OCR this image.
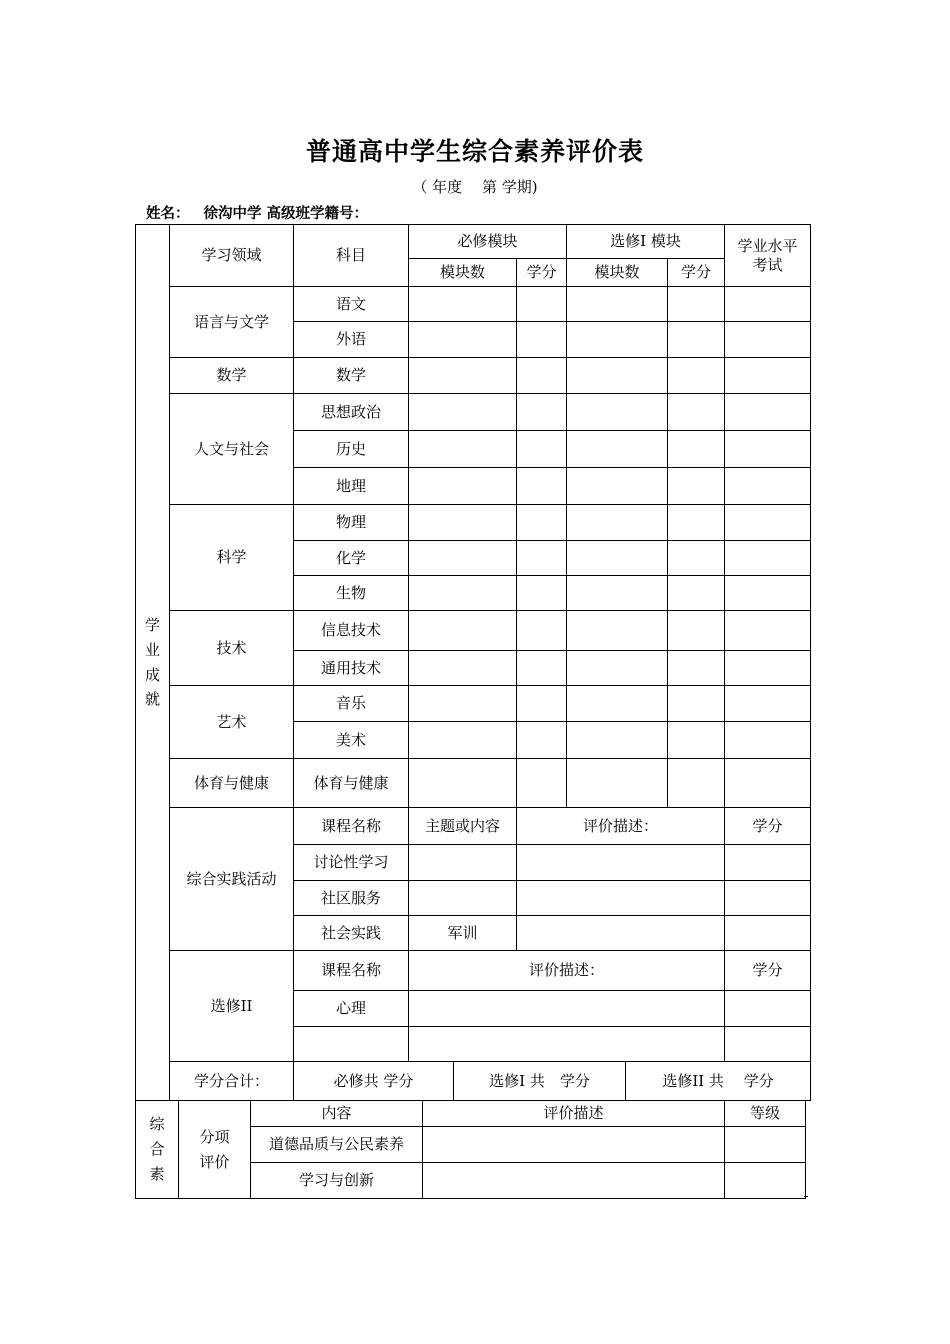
普通高中学生综合素养评价表
（ 年度　 第 学期)
姓名： 徐沟中学 高级班学籍号：
学
业
成
就	学习领域	科目	必修模块		选修I 模块		学业水平考试
			模块数	学分	模块数	学分	
	语言与文学	语文					
		外语					
	数学	数学					
	人文与社会	思想政治					
		历史					
		地理					
	科学	物理					
		化学					
		生物					
	技术	信息技术					
		通用技术					
	艺术	音乐					
		美术					
	体育与健康	体育与健康					
	综合实践活动	课程名称	主题或内容	评价描述：			学分
		讨论性学习					
		社区服务					
		社会实践	军训				
	选修II	课程名称	评价描述：				学分
		心理					

	学分合计：	必修共 学分 选修I 共　学分 选修II 共　 学分					
综
合
素	分项评价	内容	评价描述	等级
		道德品质与公民素养		
		学习与创新		
